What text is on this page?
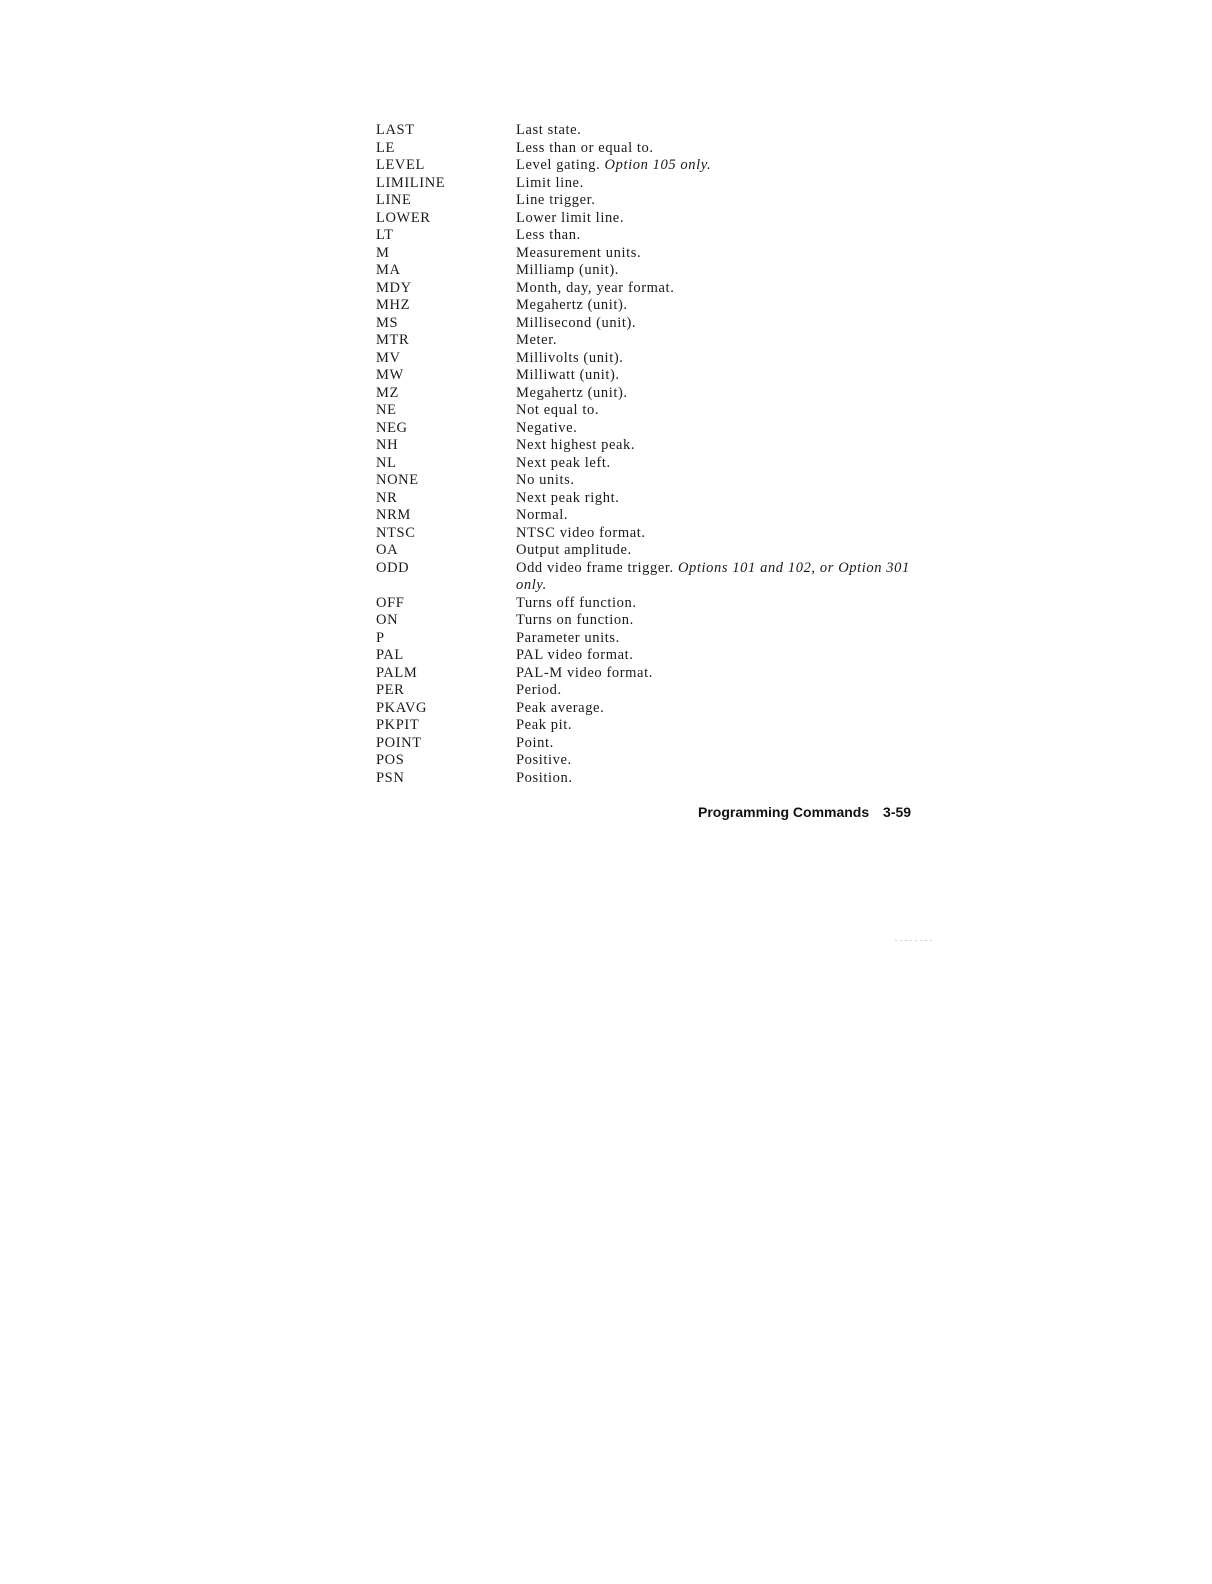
LAST	Last state.
LE	Less than or equal to.
LEVEL	Level gating. Option 105 only.
LIMILINE	Limit line.
LINE	Line trigger.
LOWER	Lower limit line.
LT	Less than.
M	Measurement units.
MA	Milliamp (unit).
MDY	Month, day, year format.
MHZ	Megahertz (unit).
MS	Millisecond (unit).
MTR	Meter.
MV	Millivolts (unit).
MW	Milliwatt (unit).
MZ	Megahertz (unit).
NE	Not equal to.
NEG	Negative.
NH	Next highest peak.
NL	Next peak left.
NONE	No units.
NR	Next peak right.
NRM	Normal.
NTSC	NTSC video format.
OA	Output amplitude.
ODD	Odd video frame trigger. Options 101 and 102, or Option 301 only.
OFF	Turns off function.
ON	Turns on function.
P	Parameter units.
PAL	PAL video format.
PALM	PAL-M video format.
PER	Period.
PKAVG	Peak average.
PKPIT	Peak pit.
POINT	Point.
POS	Positive.
PSN	Position.
Programming Commands 3-59
